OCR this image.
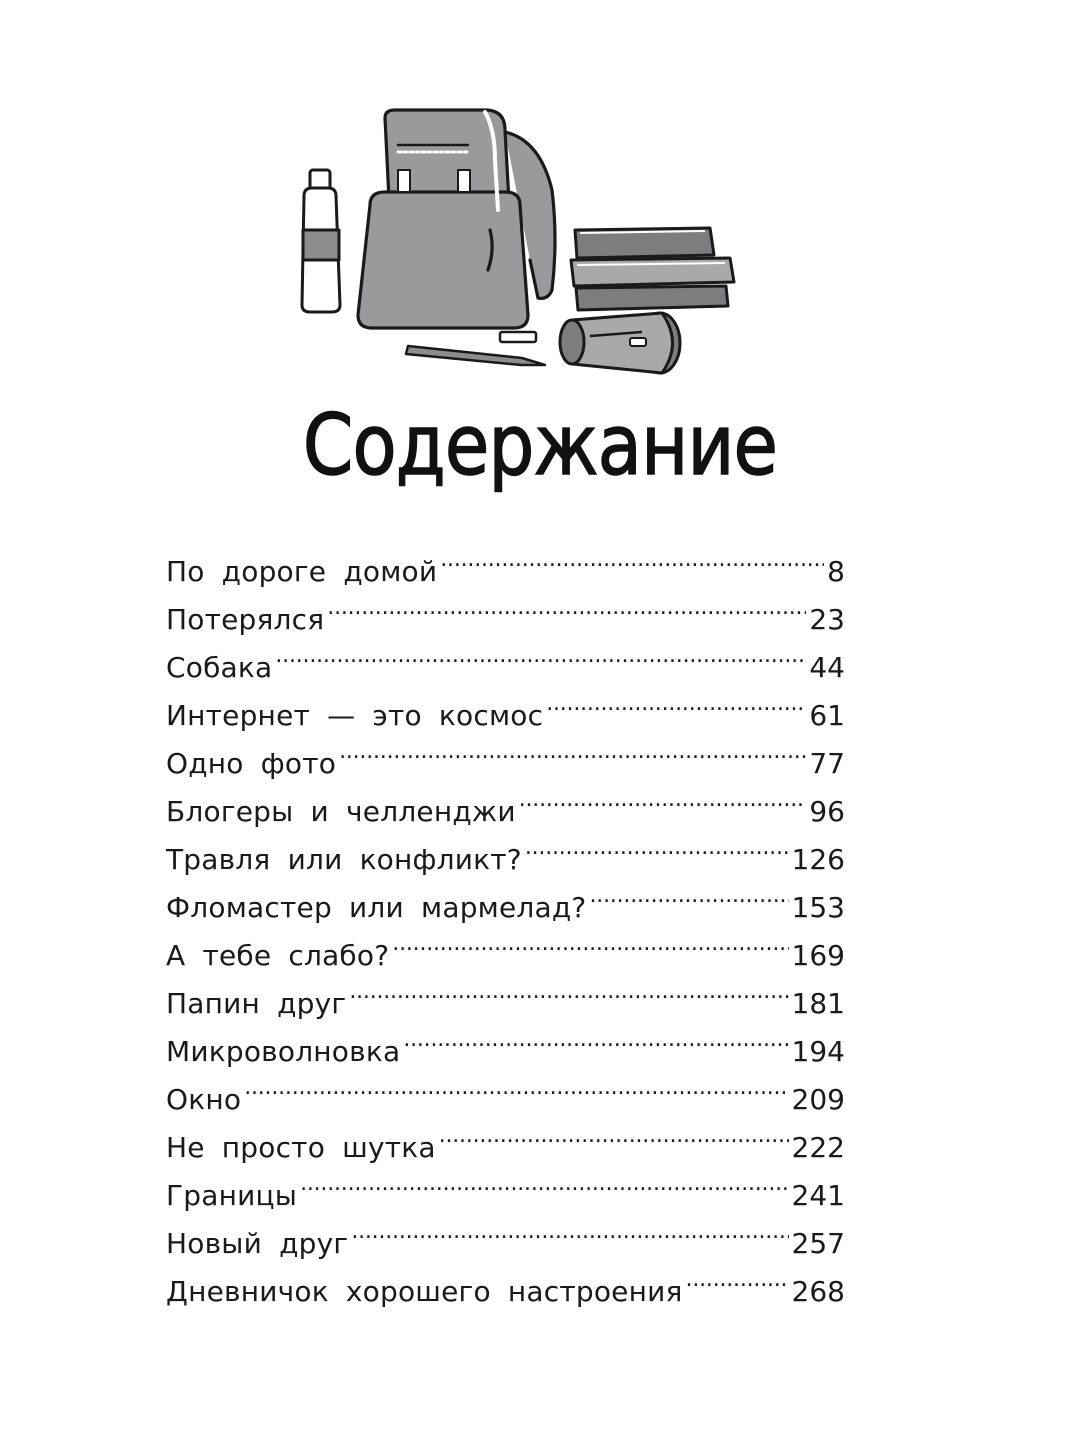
Содержание
По дороге домой . . .	8
Потерялся . . .	23
Собака . . .	44
Интернет — это космос . . .	61
Одно фото . . .	77
Блогеры и челленджи . . .	96
Травля или конфликт? . . .	126
Фломастер или мармелад? . . .	153
А тебе слабо? . . .	169
Папин друг . . .	181
Микроволновка . . .	194
Окно . . .	209
Не просто шутка . . .	222
Границы . . .	241
Новый друг . . .	257
Дневничок хорошего настроения . . .	268
